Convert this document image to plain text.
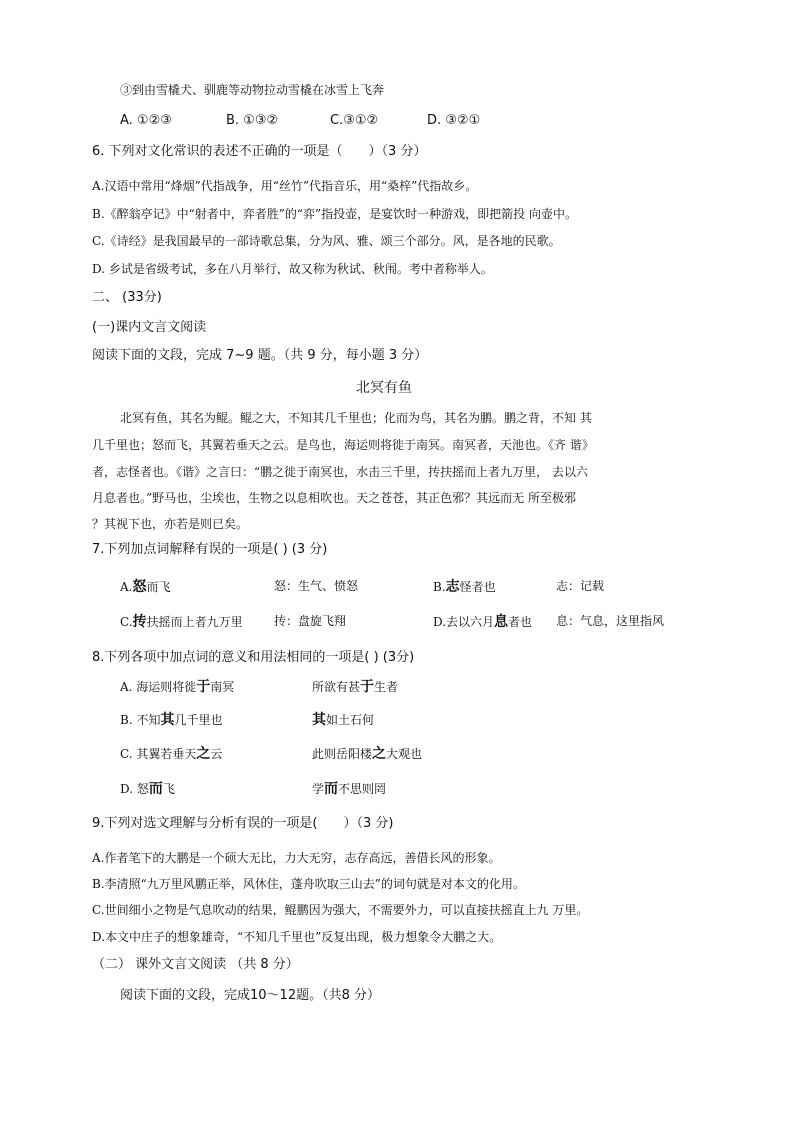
③到由雪橇犬、驯鹿等动物拉动雪橇在冰雪上飞奔
A. ①②③	B. ①③②	C.③①②	D. ③②①
6. 下列对文化常识的表述不正确的一项是（　　）（3 分）
A.汉语中常用“烽烟”代指战争，用“丝竹”代指音乐，用“桑梓”代指故乡。
B.《醉翁亭记》中“射者中，弈者胜”的“弈”指投壶，是宴饮时一种游戏，即把箭投 向壶中。
C.《诗经》是我国最早的一部诗歌总集，分为风、雅、颂三个部分。风，是各地的民歌。
D. 乡试是省级考试，多在八月举行，故又称为秋试、秋闱。考中者称举人。
二、 (33分)
(一)课内文言文阅读
阅读下面的文段，完成 7~9 题。（共 9 分，每小题 3 分）
北冥有鱼
北冥有鱼，其名为鲲。鲲之大，不知其几千里也；化而为鸟，其名为鹏。鹏之背，不知 其
几千里也；怒而飞，其翼若垂天之云。是鸟也，海运则将徙于南冥。南冥者，天池也。《齐 谐》
者，志怪者也。《谐》之言曰：“鹏之徙于南冥也，水击三千里，抟扶摇而上者九万里， 去以六
月息者也。”野马也，尘埃也，生物之以息相吹也。天之苍苍，其正色邪？其远而无 所至极邪
？其视下也，亦若是则已矣。
7.下列加点词解释有误的一项是( ) (3 分)
A.怒而飞	怒：生气、愤怒	B.志怪者也	志：记载
C.抟扶摇而上者九万里	抟：盘旋飞翔	D.去以六月息者也 息：气息，这里指风
8.下列各项中加点词的意义和用法相同的一项是( ) (3分)
A. 海运则将徙于南冥	所欲有甚于生者
B. 不知其几千里也	其如土石何
C. 其翼若垂天之云	此则岳阳楼之大观也
D. 怒而飞	学而不思则罔
9.下列对选文理解与分析有误的一项是(　　）（3 分)
A.作者笔下的大鹏是一个硕大无比，力大无穷，志存高远，善借长风的形象。
B.李清照“九万里风鹏正举，风休住，蓬舟吹取三山去”的词句就是对本文的化用。
C.世间细小之物是气息吹动的结果，鲲鹏因为强大，不需要外力，可以直接扶摇直上九 万里。
D.本文中庄子的想象雄奇，“不知几千里也”反复出现，极力想象令大鹏之大。
（二） 课外文言文阅读 （共 8 分）
阅读下面的文段，完成10～12题。（共8 分）
